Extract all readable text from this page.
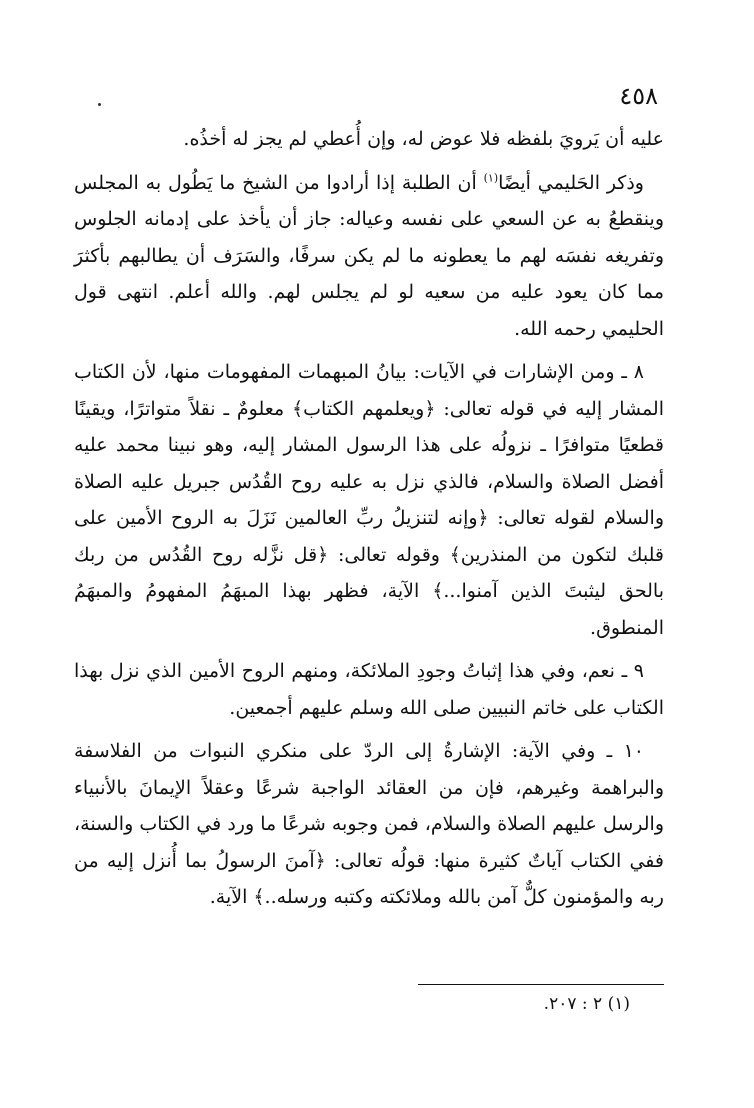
٤٥٨

عليه أن يَرويَ بلفظه فلا عوض له، وإن أُعطي لم يجز له أخذُه.

وذكر الحَليمي أيضًا$^{(١)}$ أن الطلبة إذا أرادوا من الشيخ ما يَطُول به المجلس وينقطعُ به عن السعي على نفسه وعياله: جاز أن يأخذ على إدمانه الجلوس وتفريغه نفسَه لهم ما يعطونه ما لم يكن سرفًا، والسَرَف أن يطالبهم بأكثرَ مما كان يعود عليه من سعيه لو لم يجلس لهم. والله أعلم. انتهى قول الحليمي رحمه الله.

٨ ـ ومن الإشارات في الآيات: بيانُ المبهمات المفهومات منها، لأن الكتاب المشار إليه في قوله تعالى: ﴿ويعلمهم الكتاب﴾ معلومٌ ـ نقلاً متواترًا، ويقينًا قطعيًا متوافرًا ـ نزولُه على هذا الرسول المشار إليه، وهو نبينا محمد عليه أفضل الصلاة والسلام، فالذي نزل به عليه روح القُدُس جبريل عليه الصلاة والسلام لقوله تعالى: ﴿وإنه لتنزيلُ ربِّ العالمين نَزَلَ به الروح الأمين على قلبك لتكون من المنذرين﴾ وقوله تعالى: ﴿قل نزَّله روح القُدُس من ربك بالحق ليثبتَ الذين آمنوا...﴾ الآية، فظهر بهذا المبهَمُ المفهومُ والمبهَمُ المنطوق.

٩ ـ نعم، وفي هذا إثباتُ وجودِ الملائكة، ومنهم الروح الأمين الذي نزل بهذا الكتاب على خاتم النبيين صلى الله وسلم عليهم أجمعين.

١٠ ـ وفي الآية: الإشارةُ إلى الردّ على منكري النبوات من الفلاسفة والبراهمة وغيرهم، فإن من العقائد الواجبة شرعًا وعقلاً الإيمانَ بالأنبياء والرسل عليهم الصلاة والسلام، فمن وجوبه شرعًا ما ورد في الكتاب والسنة، ففي الكتاب آياتٌ كثيرة منها: قولُه تعالى: ﴿آمنَ الرسولُ بما أُنزل إليه من ربه والمؤمنون كلٌّ آمن بالله وملائكته وكتبه ورسله..﴾ الآية.

(١) ٢ : ٢٠٧.
